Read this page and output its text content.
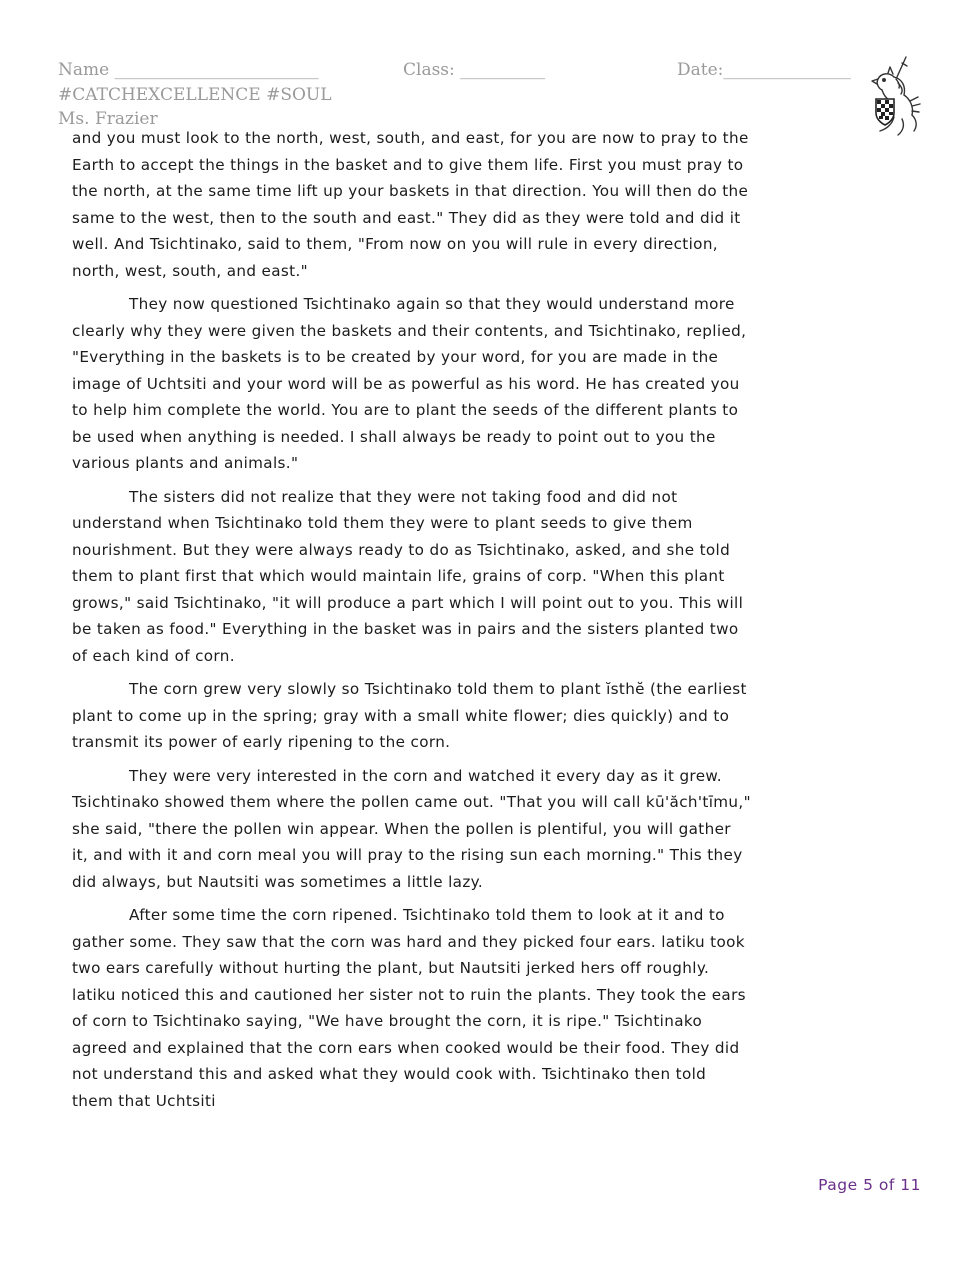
Name ________________________	Class: __________	Date:_______________
#CATCHEXCELLENCE #SOUL
Ms. Frazier

and you must look to the north, west, south, and east, for you are now to pray to the Earth to accept the things in the basket and to give them life. First you must pray to the north, at the same time lift up your baskets in that direction. You will then do the same to the west, then to the south and east." They did as they were told and did it well. And Tsichtinako, said to them, "From now on you will rule in every direction, north, west, south, and east."

They now questioned Tsichtinako again so that they would understand more clearly why they were given the baskets and their contents, and Tsichtinako, replied, "Everything in the baskets is to be created by your word, for you are made in the image of Uchtsiti and your word will be as powerful as his word. He has created you to help him complete the world. You are to plant the seeds of the different plants to be used when anything is needed. I shall always be ready to point out to you the various plants and animals."

The sisters did not realize that they were not taking food and did not understand when Tsichtinako told them they were to plant seeds to give them nourishment. But they were always ready to do as Tsichtinako, asked, and she told them to plant first that which would maintain life, grains of corp. "When this plant grows," said Tsichtinako, "it will produce a part which I will point out to you. This will be taken as food." Everything in the basket was in pairs and the sisters planted two of each kind of corn.

The corn grew very slowly so Tsichtinako told them to plant ĭsthĕ (the earliest plant to come up in the spring; gray with a small white flower; dies quickly) and to transmit its power of early ripening to the corn.

They were very interested in the corn and watched it every day as it grew. Tsichtinako showed them where the pollen came out. "That you will call kū'ăch'tīmu," she said, "there the pollen win appear. When the pollen is plentiful, you will gather it, and with it and corn meal you will pray to the rising sun each morning." This they did always, but Nautsiti was sometimes a little lazy.

After some time the corn ripened. Tsichtinako told them to look at it and to gather some. They saw that the corn was hard and they picked four ears. latiku took two ears carefully without hurting the plant, but Nautsiti jerked hers off roughly. latiku noticed this and cautioned her sister not to ruin the plants. They took the ears of corn to Tsichtinako saying, "We have brought the corn, it is ripe." Tsichtinako agreed and explained that the corn ears when cooked would be their food. They did not understand this and asked what they would cook with. Tsichtinako then told them that Uchtsiti

Page 5 of 11
